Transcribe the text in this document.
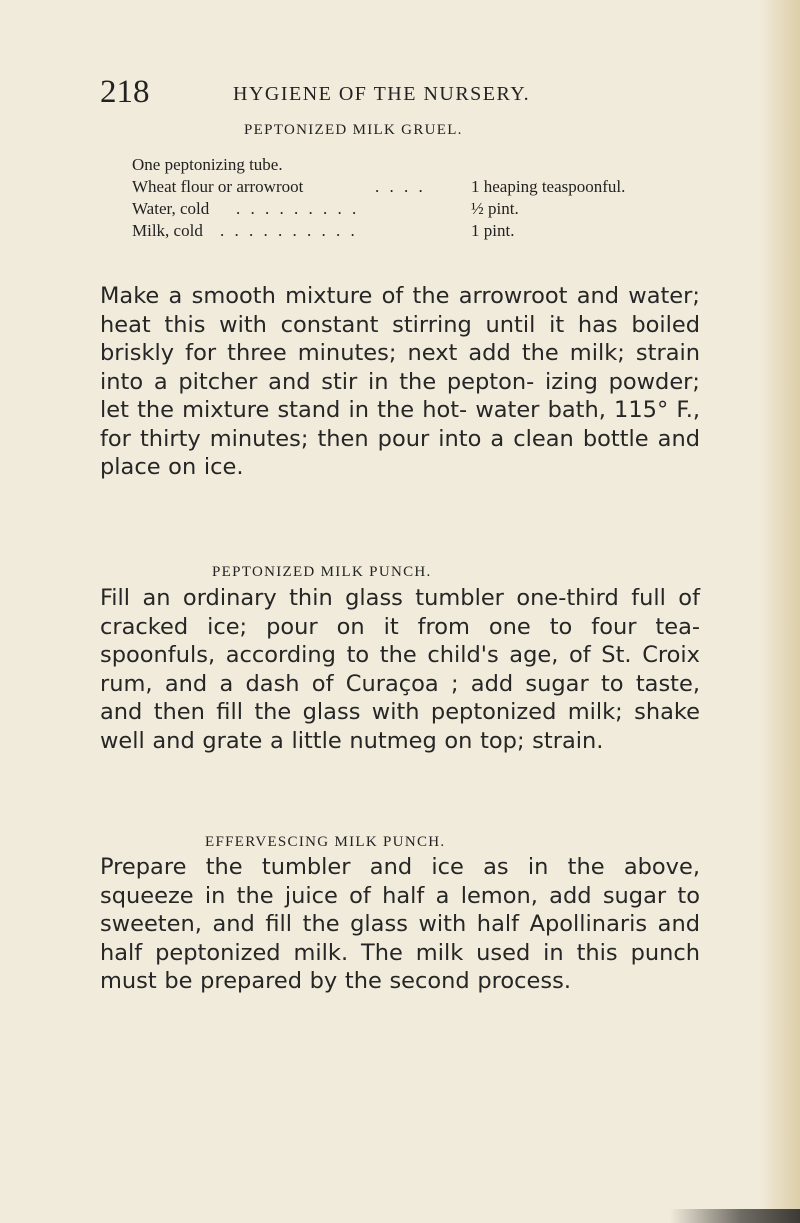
218	HYGIENE OF THE NURSERY.
PEPTONIZED MILK GRUEL.
One peptonizing tube.
Wheat flour or arrowroot	. . . .	1 heaping teaspoonful.
Water, cold . . . . . . . . .	½ pint.
Milk, cold . . . . . . . . . .	1 pint.

Make a smooth mixture of the arrowroot and water; heat this with constant stirring until it has boiled briskly for three minutes; next add the milk; strain into a pitcher and stir in the pepton- izing powder; let the mixture stand in the hot- water bath, 115° F., for thirty minutes; then pour into a clean bottle and place on ice.

PEPTONIZED MILK PUNCH.

Fill an ordinary thin glass tumbler one-third full of cracked ice; pour on it from one to four tea- spoonfuls, according to the child's age, of St. Croix rum, and a dash of Curaçoa ; add sugar to taste, and then fill the glass with peptonized milk; shake well and grate a little nutmeg on top; strain.

EFFERVESCING MILK PUNCH.

Prepare the tumbler and ice as in the above, squeeze in the juice of half a lemon, add sugar to sweeten, and fill the glass with half Apollinaris and half peptonized milk. The milk used in this punch must be prepared by the second process.
